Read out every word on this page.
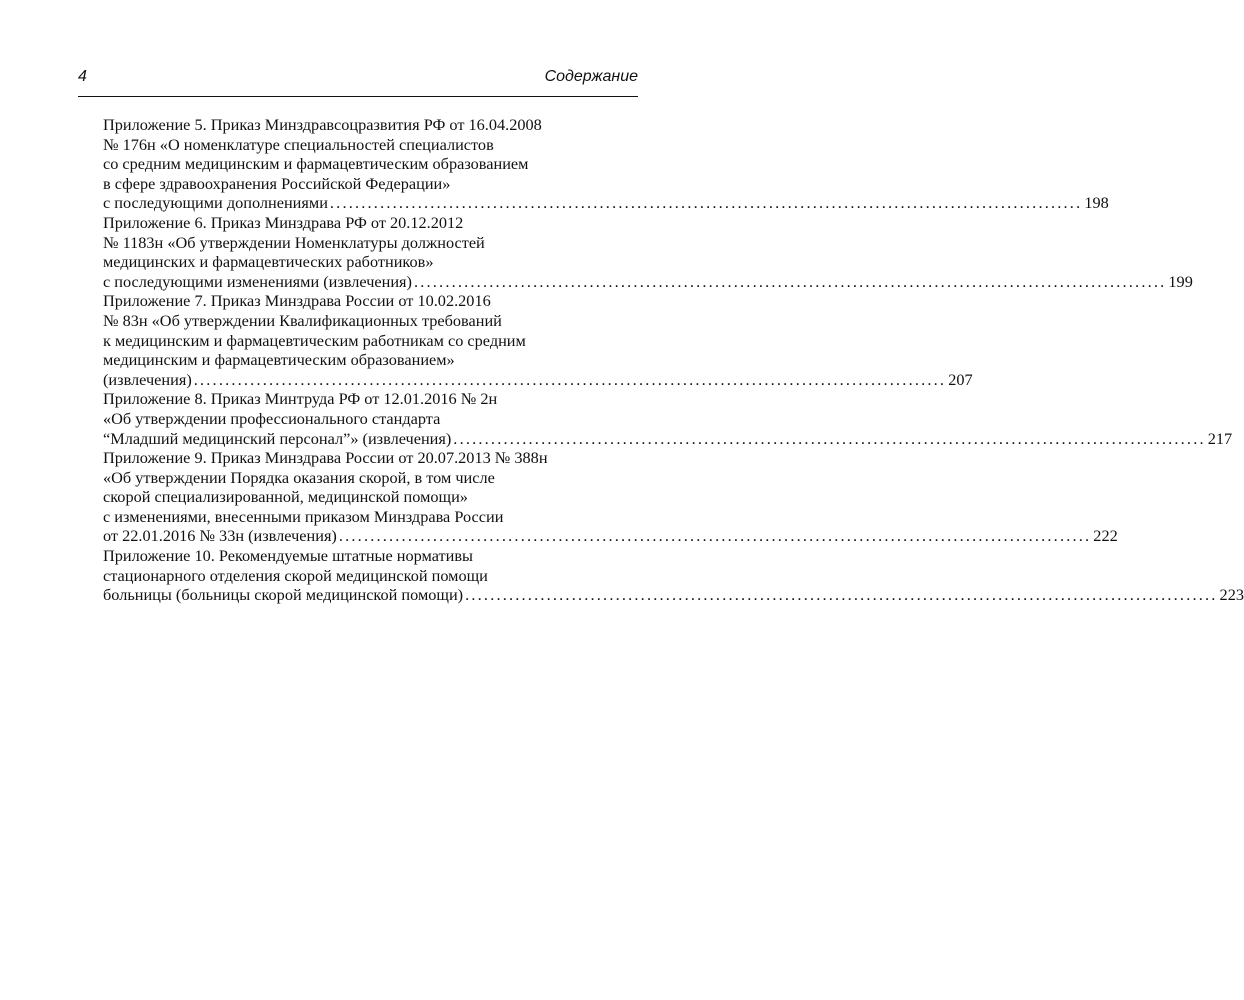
4	Содержание
Приложение 5. Приказ Минздравсоцразвития РФ от 16.04.2008
№ 176н «О номенклатуре специальностей специалистов
со средним медицинским и фармацевтическим образованием
в сфере здравоохранения Российской Федерации»
с последующими дополнениями ........................................................................................................................ 198
Приложение 6. Приказ Минздрава РФ от 20.12.2012
№ 1183н «Об утверждении Номенклатуры должностей
медицинских и фармацевтических работников»
с последующими изменениями (извлечения) ........................................................................................................................ 199
Приложение 7. Приказ Минздрава России от 10.02.2016
№ 83н «Об утверждении Квалификационных требований
к медицинским и фармацевтическим работникам со средним
медицинским и фармацевтическим образованием»
(извлечения) ........................................................................................................................ 207
Приложение 8. Приказ Минтруда РФ от 12.01.2016 № 2н
«Об утверждении профессионального стандарта
“Младший медицинский персонал”» (извлечения) ........................................................................................................................ 217
Приложение 9. Приказ Минздрава России от 20.07.2013 № 388н
«Об утверждении Порядка оказания скорой, в том числе
скорой специализированной, медицинской помощи»
с изменениями, внесенными приказом Минздрава России
от 22.01.2016 № 33н (извлечения) ........................................................................................................................ 222
Приложение 10. Рекомендуемые штатные нормативы
стационарного отделения скорой медицинской помощи
больницы (больницы скорой медицинской помощи) ........................................................................................................................ 223
